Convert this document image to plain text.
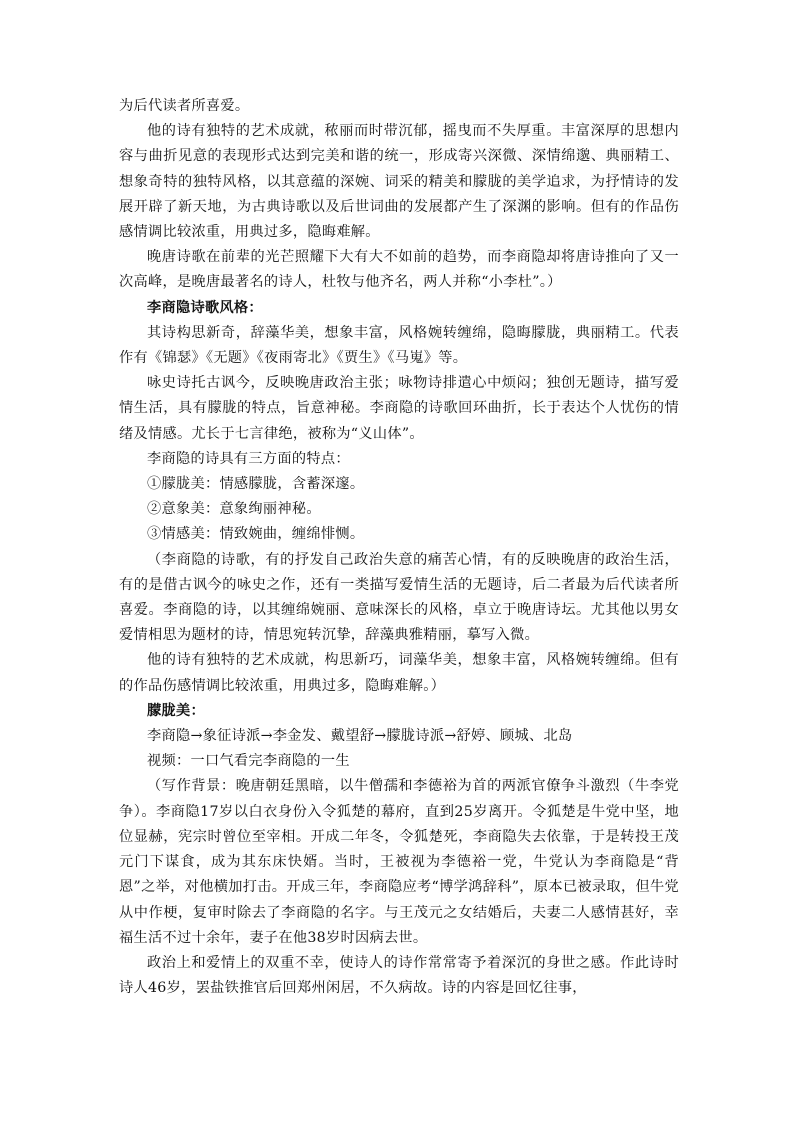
为后代读者所喜爱。

他的诗有独特的艺术成就，秾丽而时带沉郁，摇曳而不失厚重。丰富深厚的思想内容与曲折见意的表现形式达到完美和谐的统一，形成寄兴深微、深情绵邈、典丽精工、想象奇特的独特风格，以其意蕴的深婉、词采的精美和朦胧的美学追求，为抒情诗的发展开辟了新天地，为古典诗歌以及后世词曲的发展都产生了深渊的影响。但有的作品伤感情调比较浓重，用典过多，隐晦难解。

晚唐诗歌在前辈的光芒照耀下大有大不如前的趋势，而李商隐却将唐诗推向了又一次高峰，是晚唐最著名的诗人，杜牧与他齐名，两人并称“小李杜”。）

李商隐诗歌风格：

其诗构思新奇，辞藻华美，想象丰富，风格婉转缠绵，隐晦朦胧，典丽精工。代表作有《锦瑟》《无题》《夜雨寄北》《贾生》《马嵬》等。

咏史诗托古讽今，反映晚唐政治主张；咏物诗排遣心中烦闷；独创无题诗，描写爱情生活，具有朦胧的特点，旨意神秘。李商隐的诗歌回环曲折，长于表达个人忧伤的情绪及情感。尤长于七言律绝，被称为“义山体”。

李商隐的诗具有三方面的特点：

①朦胧美：情感朦胧，含蓄深邃。

②意象美：意象绚丽神秘。

③情感美：情致婉曲，缠绵悱恻。

（李商隐的诗歌，有的抒发自己政治失意的痛苦心情，有的反映晚唐的政治生活，有的是借古讽今的咏史之作，还有一类描写爱情生活的无题诗，后二者最为后代读者所喜爱。李商隐的诗，以其缠绵婉丽、意味深长的风格，卓立于晚唐诗坛。尤其他以男女爱情相思为题材的诗，情思宛转沉挚，辞藻典雅精丽，摹写入微。

他的诗有独特的艺术成就，构思新巧，词藻华美，想象丰富，风格婉转缠绵。但有的作品伤感情调比较浓重，用典过多，隐晦难解。）

朦胧美：

李商隐→象征诗派→李金发、戴望舒→朦胧诗派→舒婷、顾城、北岛

视频：一口气看完李商隐的一生

（写作背景：晚唐朝廷黑暗，以牛僧孺和李德裕为首的两派官僚争斗激烈（牛李党争）。李商隐17岁以白衣身份入令狐楚的幕府，直到25岁离开。令狐楚是牛党中坚，地位显赫，宪宗时曾位至宰相。开成二年冬，令狐楚死，李商隐失去依靠，于是转投王茂元门下谋食，成为其东床快婿。当时，王被视为李德裕一党，牛党认为李商隐是“背恩”之举，对他横加打击。开成三年，李商隐应考“博学鸿辞科”，原本已被录取，但牛党从中作梗，复审时除去了李商隐的名字。与王茂元之女结婚后，夫妻二人感情甚好，幸福生活不过十余年，妻子在他38岁时因病去世。

政治上和爱情上的双重不幸，使诗人的诗作常常寄予着深沉的身世之感。作此诗时诗人46岁，罢盐铁推官后回郑州闲居，不久病故。诗的内容是回忆往事，
